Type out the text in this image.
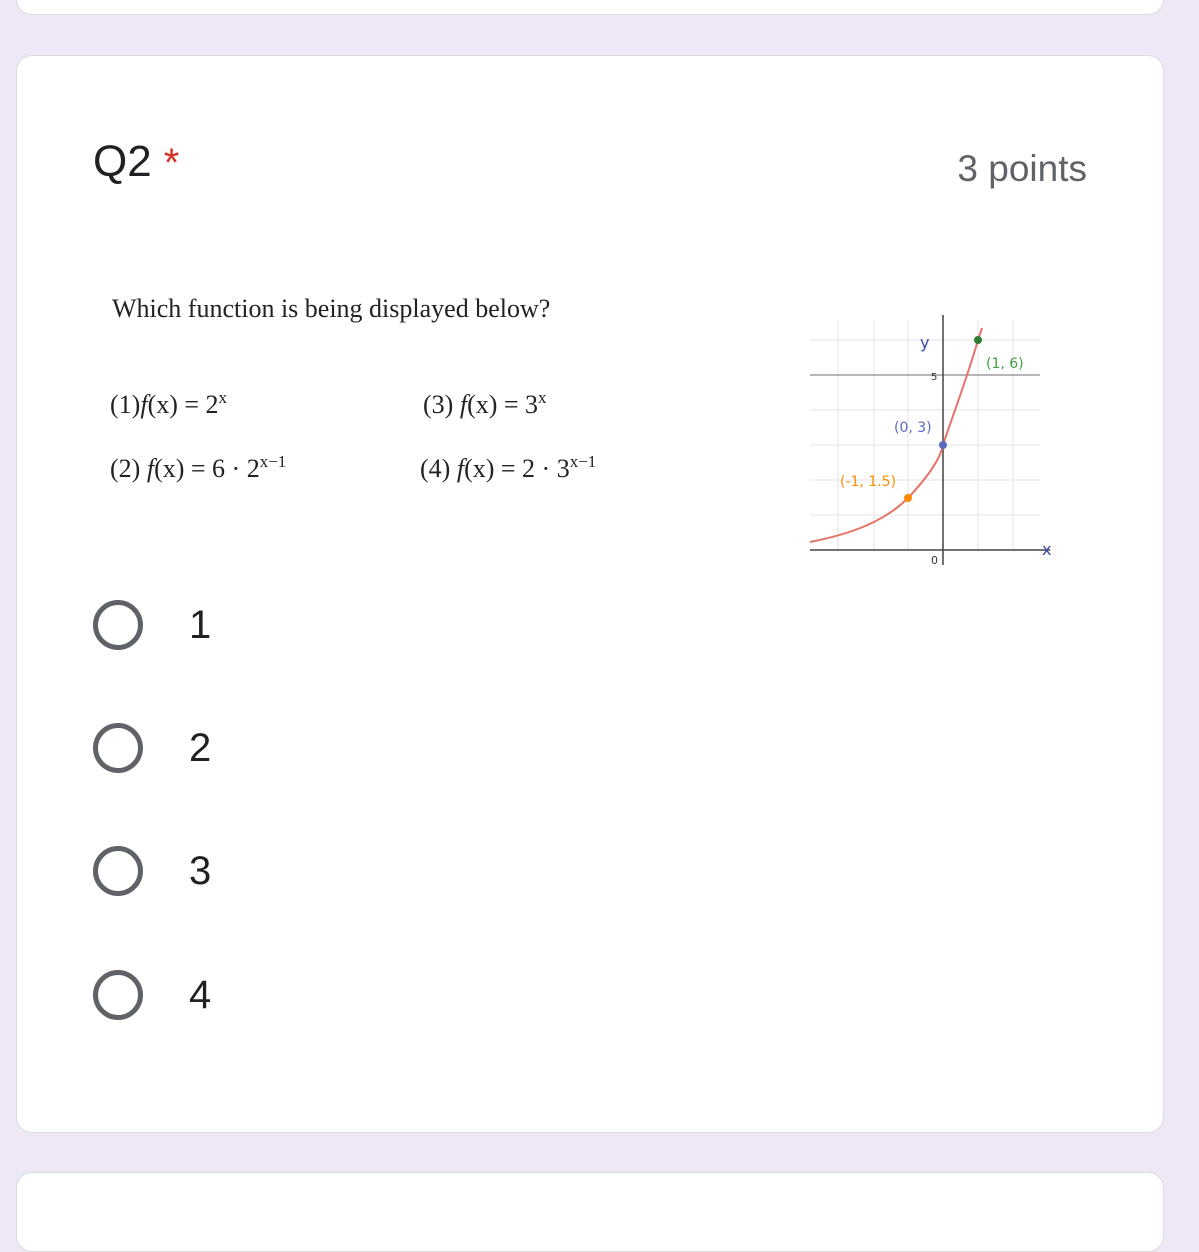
Q2 *	3 points
Which function is being displayed below?
$(1)f(x) = 2^x$	(3) $f(x) = 3^x$
(2) $f(x) = 6 \cdot 2^{x-1}$	(4) $f(x) = 2 \cdot 3^{x-1}$
y
x
0
5
(1, 6)
(0, 3)
(-1, 1.5)
1
2
3
4
